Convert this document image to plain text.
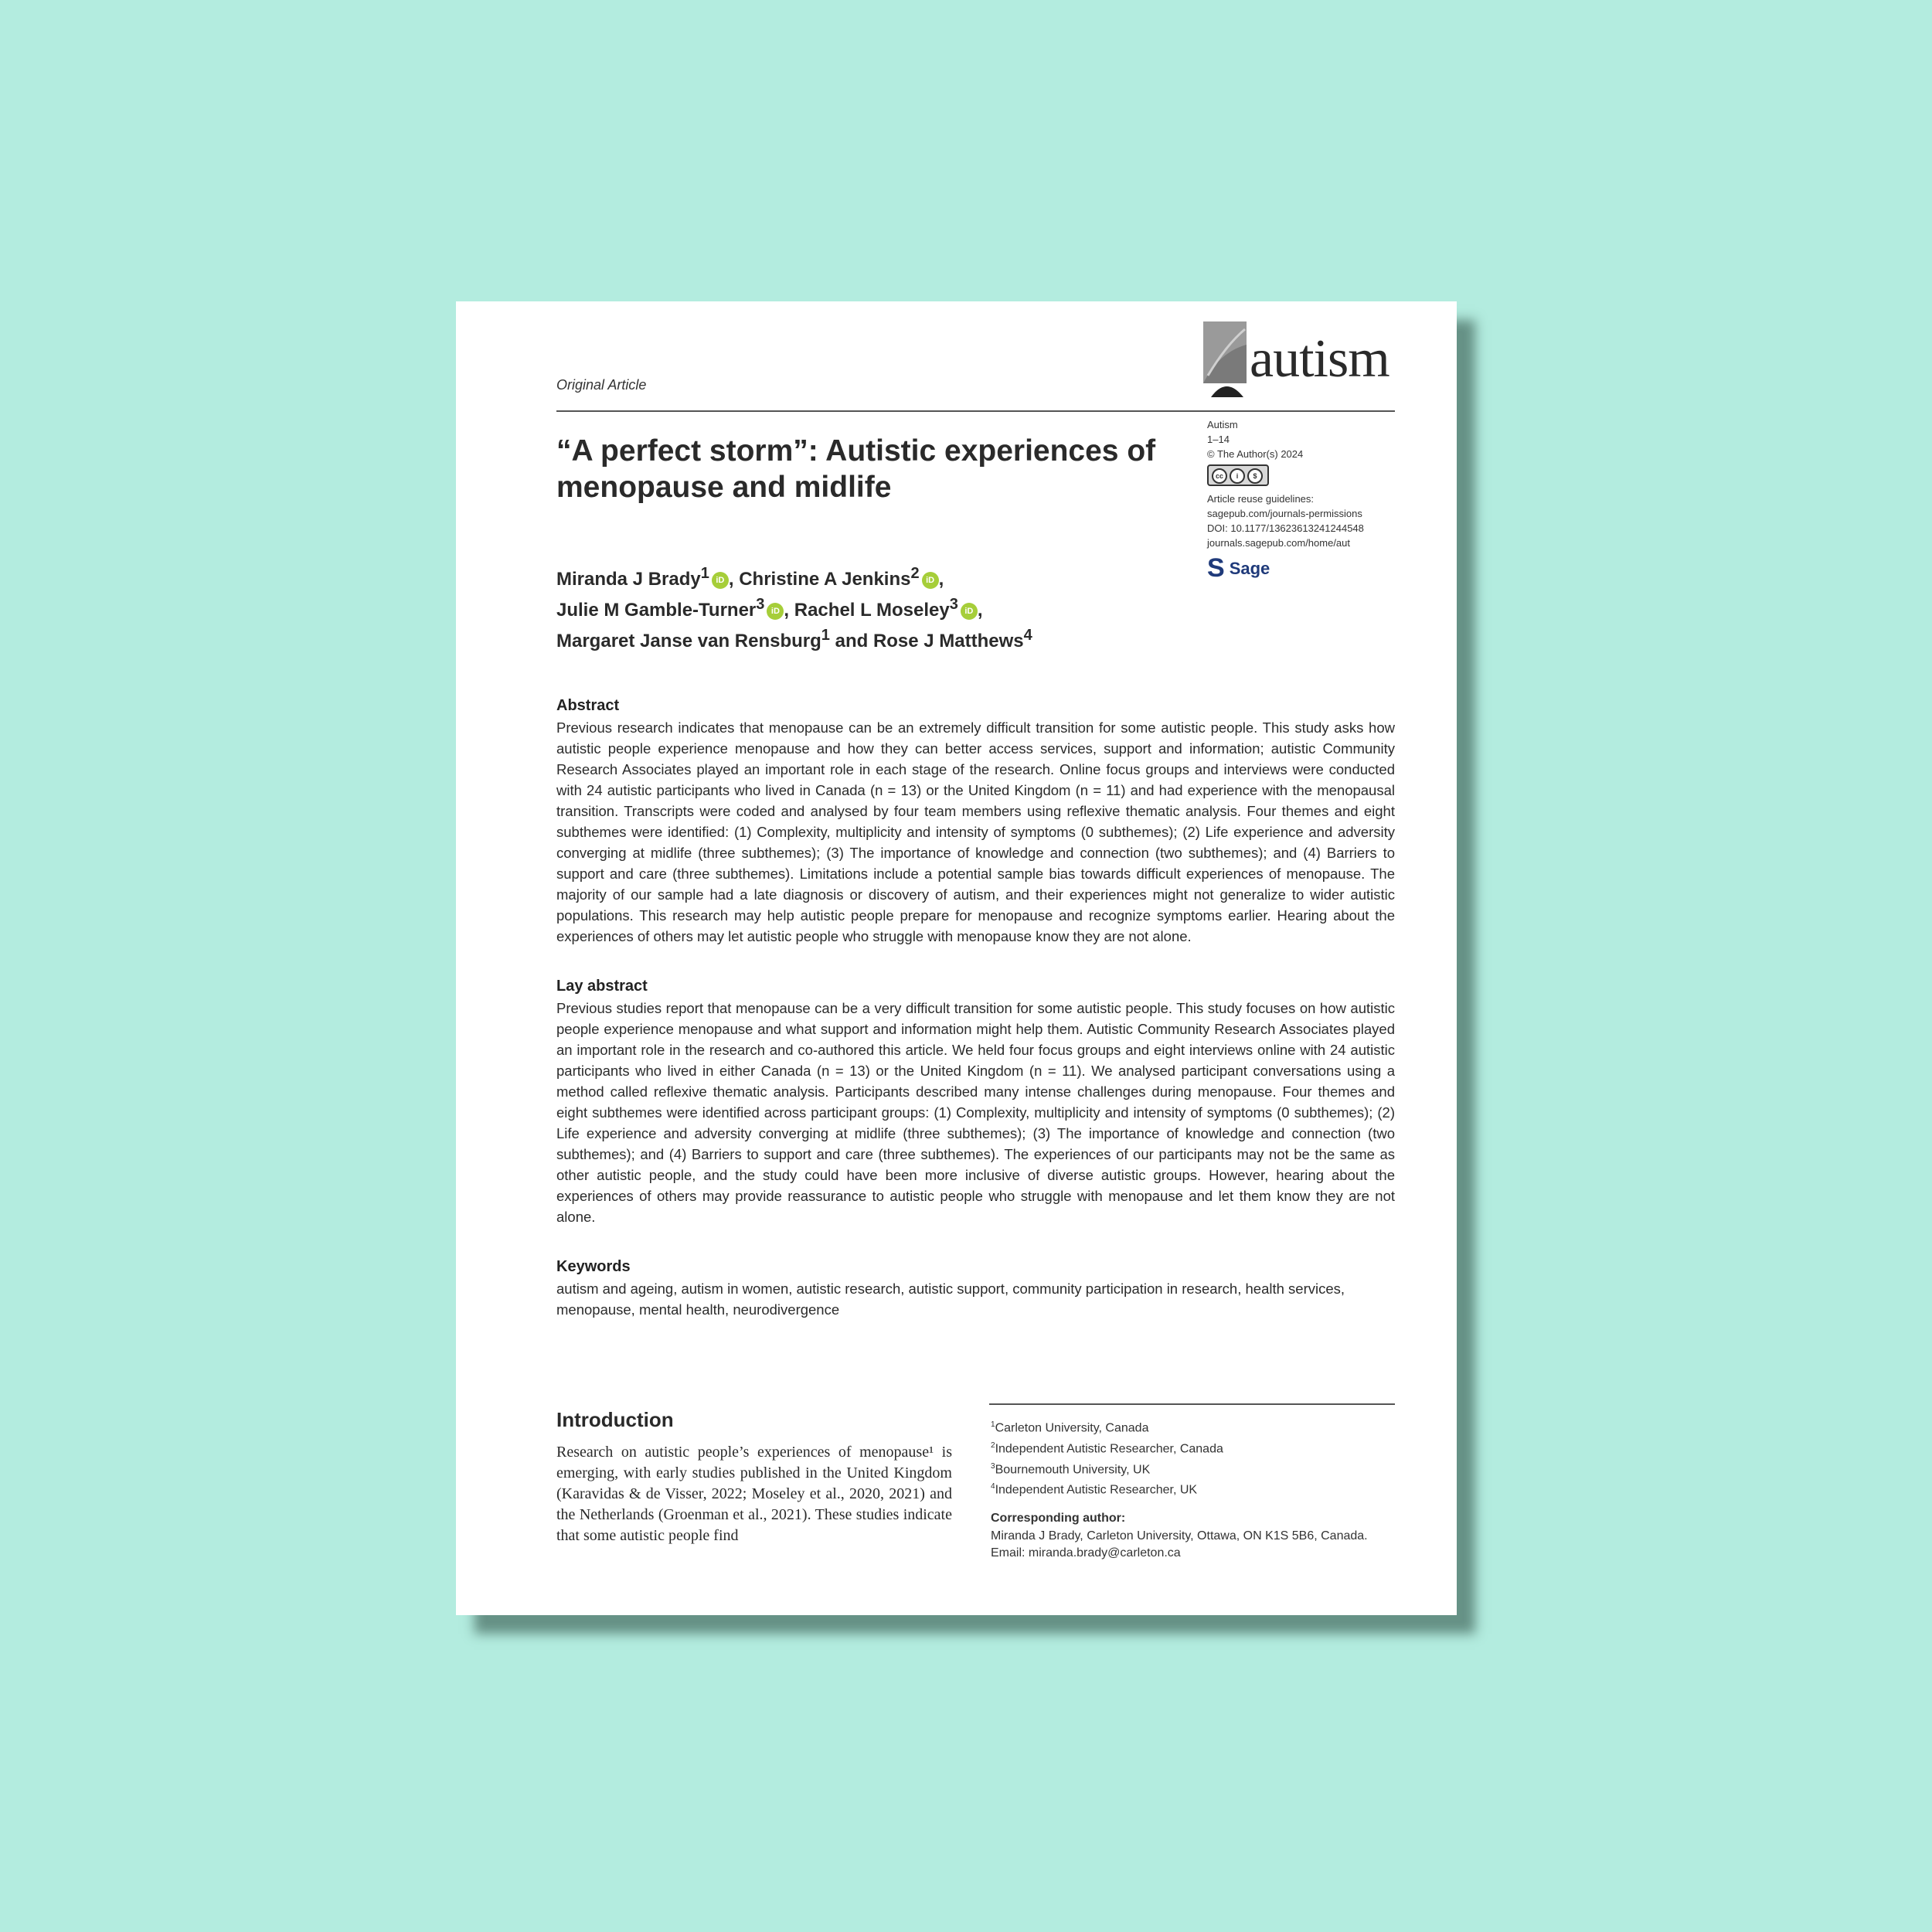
Original Article	autism
“A perfect storm”: Autistic experiences of menopause and midlife
Autism
1–14
© The Author(s) 2024
cc	i	$
Article reuse guidelines:
sagepub.com/journals-permissions
DOI: 10.1177/13623613241244548
journals.sagepub.com/home/aut
S Sage
Miranda J Brady$^1$ iD , Christine A Jenkins$^2$ iD ,
Julie M Gamble-Turner$^3$ iD , Rachel L Moseley$^3$ iD ,
Margaret Janse van Rensburg$^1$ and Rose J Matthews$^4$
Abstract
Previous research indicates that menopause can be an extremely difficult transition for some autistic people. This study asks how autistic people experience menopause and how they can better access services, support and information; autistic Community Research Associates played an important role in each stage of the research. Online focus groups and interviews were conducted with 24 autistic participants who lived in Canada (n = 13) or the United Kingdom (n = 11) and had experience with the menopausal transition. Transcripts were coded and analysed by four team members using reflexive thematic analysis. Four themes and eight subthemes were identified: (1) Complexity, multiplicity and intensity of symptoms (0 subthemes); (2) Life experience and adversity converging at midlife (three subthemes); (3) The importance of knowledge and connection (two subthemes); and (4) Barriers to support and care (three subthemes). Limitations include a potential sample bias towards difficult experiences of menopause. The majority of our sample had a late diagnosis or discovery of autism, and their experiences might not generalize to wider autistic populations. This research may help autistic people prepare for menopause and recognize symptoms earlier. Hearing about the experiences of others may let autistic people who struggle with menopause know they are not alone.
Lay abstract
Previous studies report that menopause can be a very difficult transition for some autistic people. This study focuses on how autistic people experience menopause and what support and information might help them. Autistic Community Research Associates played an important role in the research and co-authored this article. We held four focus groups and eight interviews online with 24 autistic participants who lived in either Canada (n = 13) or the United Kingdom (n = 11). We analysed participant conversations using a method called reflexive thematic analysis. Participants described many intense challenges during menopause. Four themes and eight subthemes were identified across participant groups: (1) Complexity, multiplicity and intensity of symptoms (0 subthemes); (2) Life experience and adversity converging at midlife (three subthemes); (3) The importance of knowledge and connection (two subthemes); and (4) Barriers to support and care (three subthemes). The experiences of our participants may not be the same as other autistic people, and the study could have been more inclusive of diverse autistic groups. However, hearing about the experiences of others may provide reassurance to autistic people who struggle with menopause and let them know they are not alone.
Keywords
autism and ageing, autism in women, autistic research, autistic support, community participation in research, health services, menopause, mental health, neurodivergence
Introduction
Research on autistic people’s experiences of menopause¹ is emerging, with early studies published in the United Kingdom (Karavidas & de Visser, 2022; Moseley et al., 2020, 2021) and the Netherlands (Groenman et al., 2021). These studies indicate that some autistic people find
$^1$Carleton University, Canada
$^2$Independent Autistic Researcher, Canada
$^3$Bournemouth University, UK
$^4$Independent Autistic Researcher, UK
Corresponding author:
Miranda J Brady, Carleton University, Ottawa, ON K1S 5B6, Canada.
Email: miranda.brady@carleton.ca
